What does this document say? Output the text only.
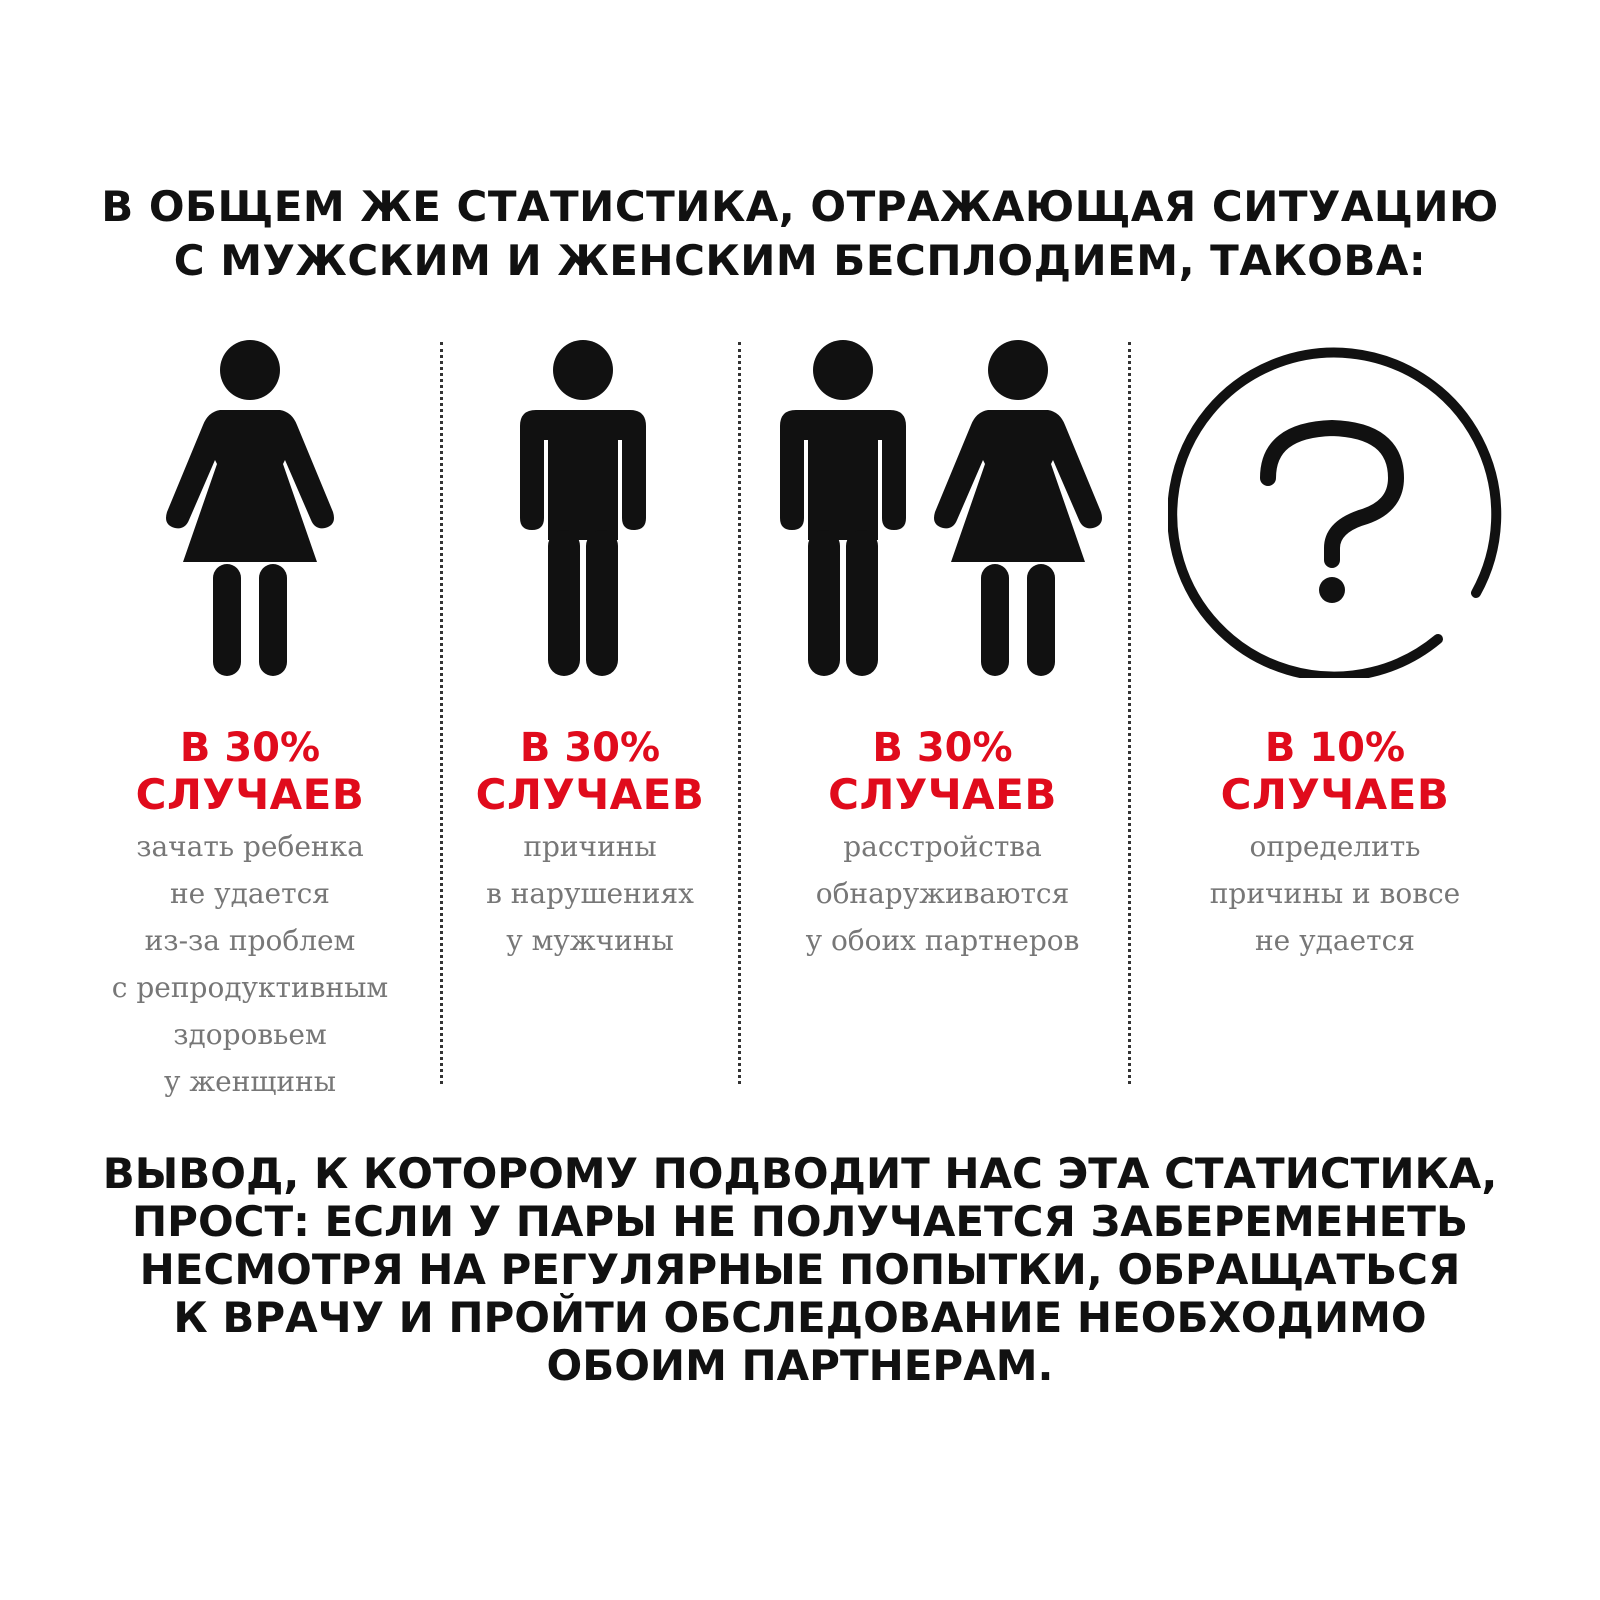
В ОБЩЕМ ЖЕ СТАТИСТИКА, ОТРАЖАЮЩАЯ СИТУАЦИЮ
С МУЖСКИМ И ЖЕНСКИМ БЕСПЛОДИЕМ, ТАКОВА:

В 30%

СЛУЧАЕВ

зачать ребенка
не удается
из-за проблем
с репродуктивным
здоровьем
у женщины

В 30%

СЛУЧАЕВ

причины
в нарушениях
у мужчины

В 30%

СЛУЧАЕВ

расстройства
обнаруживаются
у обоих партнеров

В 10%

СЛУЧАЕВ

определить
причины и вовсе
не удается

ВЫВОД, К КОТОРОМУ ПОДВОДИТ НАС ЭТА СТАТИСТИКА,
ПРОСТ: ЕСЛИ У ПАРЫ НЕ ПОЛУЧАЕТСЯ ЗАБЕРЕМЕНЕТЬ
НЕСМОТРЯ НА РЕГУЛЯРНЫЕ ПОПЫТКИ, ОБРАЩАТЬСЯ
К ВРАЧУ И ПРОЙТИ ОБСЛЕДОВАНИЕ НЕОБХОДИМО
ОБОИМ ПАРТНЕРАМ.
